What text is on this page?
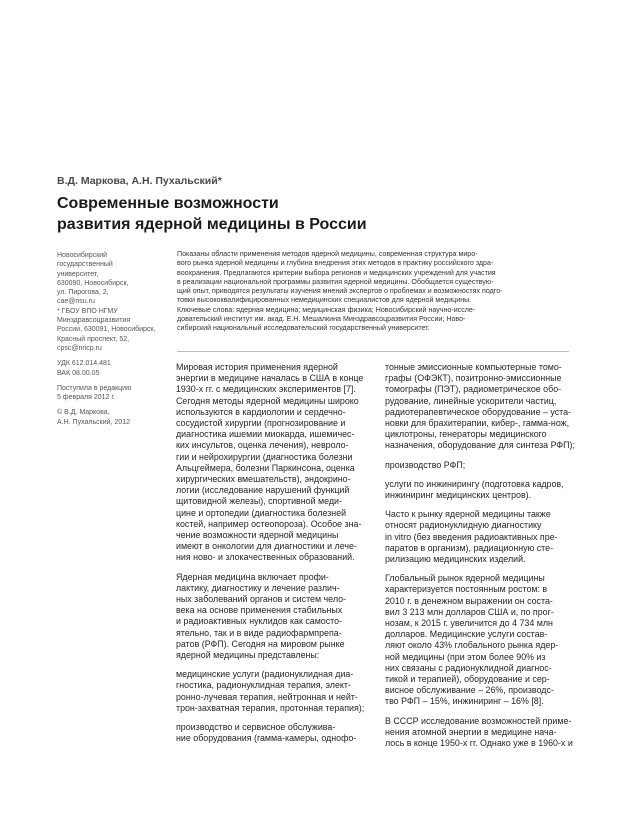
В.Д. Маркова, А.Н. Пухальский*
Современные возможности
развития ядерной медицины в России
Новосибирский
государственный
университет,
630090, Новосибирск,
ул. Пирогова, 2,
cae@nsu.ru
* ГБОУ ВПО НГМУ
Минздравсоцразвития
России, 630091, Новосибирск,
Красный проспект, 52,
cpsc@nricp.ru
УДК 612.014.481
ВАК 08.00.05
Поступила в редакцию
5 февраля 2012 г.
© В.Д. Маркова,
А.Н. Пухальский, 2012
Показаны области применения методов ядерной медицины, современная структура миро-
вого рынка ядерной медицины и глубина внедрения этих методов в практику российского здра-
воохранения. Предлагаются критерии выбора регионов и медицинских учреждений для участия
в реализации национальной программы развития ядерной медицины. Обобщается существую-
щий опыт, приводятся результаты изучения мнений экспертов о проблемах и возможностях подго-
товки высококвалифицированных немедицинских специалистов для ядерной медицины.
Ключевые слова: ядерная медицина; медицинская физика; Новосибирский научно-иссле-
довательский институт им. акад. Е.Н. Мешалкина Минздравсоцразвития России; Ново-
сибирский национальный исследовательский государственный университет.
Мировая история применения ядерной
энергии в медицине началась в США в конце
1930-х гг. с медицинских экспериментов [7].
Сегодня методы ядерной медицины широко
используются в кардиологии и сердечно-
сосудистой хирургии (прогнозирование и
диагностика ишемии миокарда, ишемичес-
ких инсультов, оценка лечения), невроло-
гии и нейрохирургии (диагностика болезни
Альцгеймера, болезни Паркинсона, оценка
хирургических вмешательств), эндокрино-
логии (исследование нарушений функций
щитовидной железы), спортивной меди-
цине и ортопедии (диагностика болезней
костей, например остеопороза). Особое зна-
чение возможности ядерной медицины
имеют в онкологии для диагностики и лече-
ния ново- и злокачественных образований.
Ядерная медицина включает профи-
лактику, диагностику и лечение различ-
ных заболеваний органов и систем чело-
века на основе применения стабильных
и радиоактивных нуклидов как самосто-
ятельно, так и в виде радиофармпрепа-
ратов (РФП). Сегодня на мировом рынке
ядерной медицины представлены:
медицинские услуги (радионуклидная диа-
гностика, радионуклидная терапия, элект-
ронно-лучевая терапия, нейтронная и нейт-
трон-захватная терапия, протонная терапия);
производство и сервисное обслужива-
ние оборудования (гамма-камеры, однофо-
тонные эмиссионные компьютерные томо-
графы (ОФЭКТ), позитронно-эмиссионные
томографы (ПЭТ), радиометрическое обо-
рудование, линейные ускорители частиц,
радиотерапевтическое оборудование – уста-
новки для брахитерапии, кибер-, гамма-нож,
циклотроны, генераторы медицинского
назначения, оборудование для синтеза РФП);
производство РФП;
услуги по инжинирингу (подготовка кадров,
инжиниринг медицинских центров).
Часто к рынку ядерной медицины также
относят радионуклидную диагностику
in vitro (без введения радиоактивных пре-
паратов в организм), радиационную сте-
рилизацию медицинских изделий.
Глобальный рынок ядерной медицины
характеризуется постоянным ростом: в
2010 г. в денежном выражении он соста-
вил 3 213 млн долларов США и, по прог-
нозам, к 2015 г. увеличится до 4 734 млн
долларов. Медицинские услуги состав-
ляют около 43% глобального рынка ядер-
ной медицины (при этом более 90% из
них связаны с радионуклидной диагнос-
тикой и терапией), оборудование и сер-
висное обслуживание – 26%, производс-
тво РФП – 15%, инжиниринг – 16% [8].
В СССР исследование возможностей приме-
нения атомной энергии в медицине нача-
лось в конце 1950-х гг. Однако уже в 1960-х и
